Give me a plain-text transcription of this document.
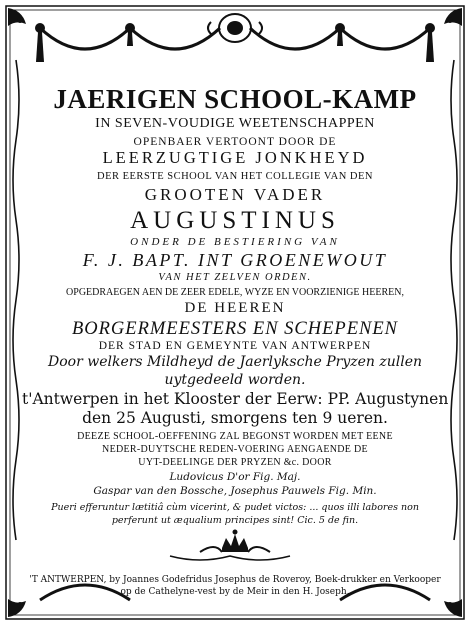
JAERIGEN SCHOOL-KAMP
IN SEVEN-VOUDIGE WEETENSCHAPPEN
OPENBAER VERTOONT DOOR DE
LEERZUGTIGE JONKHEYD
DER EERSTE SCHOOL VAN HET COLLEGIE VAN DEN
GROOTEN VADER
AUGUSTINUS
ONDER DE BESTIERING VAN
F. J. BAPT. INT GROENEWOUT
VAN HET ZELVEN ORDEN.
OPGEDRAEGEN AEN DE ZEER EDELE, WYZE EN VOORZIENIGE HEEREN,
DE HEEREN
BORGERMEESTERS EN SCHEPENEN
DER STAD EN GEMEYNTE VAN ANTWERPEN
Door welkers Mildheyd de Jaerlyksche Pryzen zullen
uytgedeeld worden.
t'Antwerpen in het Klooster der Eerw: PP. Augustynen
den 25 Augusti, smorgens ten 9 ueren.
DEEZE SCHOOL-OEFFENING ZAL BEGONST WORDEN MET EENE
NEDER-DUYTSCHE REDEN-VOERING AENGAENDE DE
UYT-DEELINGE DER PRYZEN &c. DOOR
Ludovicus D'or Fig. Maj.
Gaspar van den Bossche, Josephus Pauwels Fig. Min.
Pueri efferuntur lætitiâ cùm vicerint, & pudet victos: ... quos illi labores non
perferunt ut æqualium principes sint! Cic. 5 de fin.
'T ANTWERPEN, by Joannes Godefridus Josephus de Roveroy, Boek-drukker en Verkooper
op de Cathelyne-vest by de Meir in den H. Joseph.
